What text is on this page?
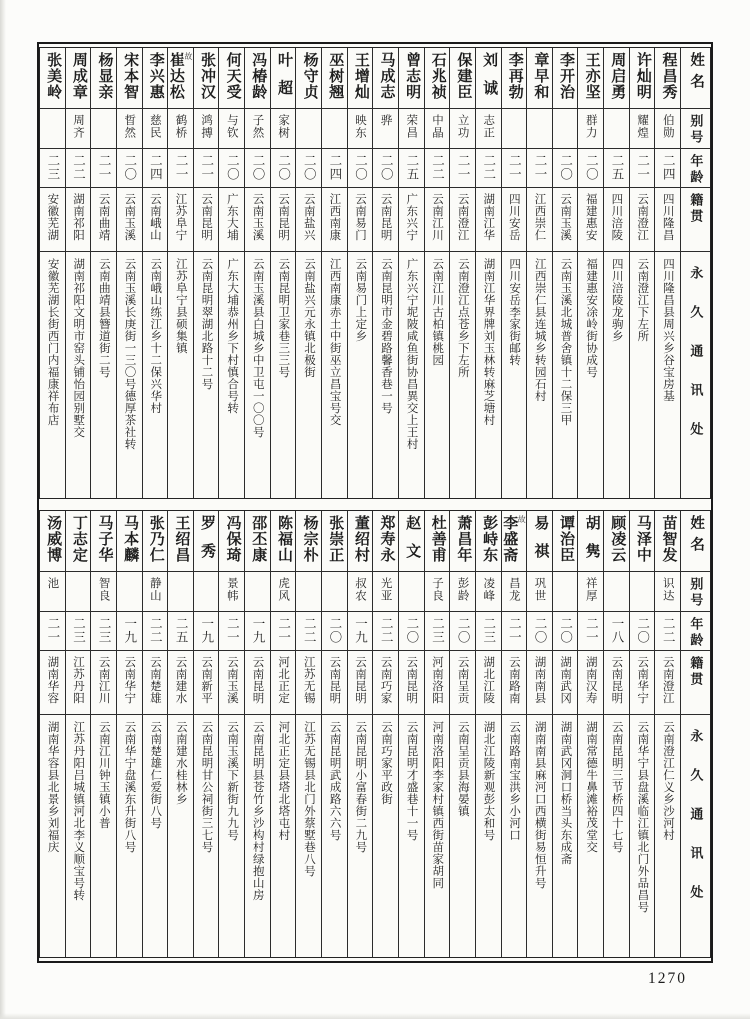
姓名
别号
年龄
籍贯
永久通讯处
程昌秀
伯勋
二四
四川隆昌
四川隆昌县周兴乡谷宝房基
许灿明
耀煌
二一
云南澄江
云南澄江下左所
周启勇
二五
四川涪陵
四川涪陵龙驹乡
王亦坚
群力
二〇
福建惠安
福建惠安凃岭街协成号
李开治
二〇
云南玉溪
云南玉溪北城普舍镇十二保三甲
章早和
二一
江西崇仁
江西崇仁县连城乡转园石村
李再勃
二一
四川安岳
四川安岳李家街邮转
刘诚
志正
二二
湖南江华
湖南江华界牌刘玉林转麻芝塘村
保建臣
立功
二一
云南澄江
云南澄江点苍乡下左所
石兆祯
中晶
二二
云南江川
云南江川古柏镇桃园
曾志明
荣昌
二五
广东兴宁
广东兴宁坭陂咸鱼街协昌異交上王村
马成志
骅
二〇
云南昆明
云南昆明市金碧路馨香巷一号
王增灿
映东
二〇
云南易门
云南易门上定乡
巫树翘
二四
江西南康
江西南康赤土中街巫立昌宝号交
杨守贞
二〇
云南盐兴
云南盐兴元永镇北极街
叶超
家树
二〇
云南昆明
云南昆明卫家巷三三号
冯椿龄
子然
二〇
云南玉溪
云南玉溪县白城乡中卫屯一〇〇号
何天受
与钦
二〇
广东大埔
广东大埔恭州乡下村慎合号转
张冲汉
鸿搏
二一
云南昆明
云南昆明翠湖北路十二号
崔达松 故
鹤桥
二一
江苏阜宁
江苏阜宁县硕集镇
李兴惠
慈民
二四
云南峨山
云南峨山练江乡十二保兴华村
宋本智
晢然
二〇
云南玉溪
云南玉溪长庚街一三〇号德厚茶社转
杨显亲
二一
云南曲靖
云南曲靖县簪道街二号
周成章
周齐
二二
湖南祁阳
湖南祁阳文明市窑头铺怡园别墅交
张美岭
二三
安徽芜湖
安徽芜湖长街西门内福康祥布店
姓名
别号
年龄
籍贯
永久通讯处
苗智发
识达
二二
云南澄江
云南澄江仁义乡沙河村
马泽中
二〇
云南华宁
云南华宁县盘溪临江镇北门外品昌号
顾凌云
一八
云南昆明
云南昆明三节桥四十七号
胡隽
祥厚
二一
湖南汉寿
湖南常德牛鼻滩裕茂堂交
谭治臣
二〇
湖南武冈
湖南武冈洞口桥当头东成斋
易祺
巩世
二〇
湖南南县
湖南南县麻河口西横街易恒升号
李盛斋 故
昌龙
二一
云南路南
云南路南宝洪乡小河口
彭峙东
凌峰
二三
湖北江陵
湖北江陵新观彭太和号
萧昌年
彭龄
二〇
云南呈贡
云南呈贡县海晏镇
杜善甫
子良
二三
河南洛阳
河南洛阳李家村镇西街苗家胡同
赵文
二〇
云南昆明
云南昆明才盛巷十一号
郑寿永
光亚
二二
云南巧家
云南巧家平政街
董绍村
叔农
一九
云南昆明
云南昆明小富春街二九号
张崇正
二〇
云南昆明
云南昆明武成路六六号
杨宗朴
二二
江苏无锡
江苏无锡县北门外蔡墅巷八号
陈福山
虎风
二一
河北正定
河北正定县塔北塔屯村
邵丕康
一九
云南昆明
云南昆明县苍竹乡沙构村绿抱山房
冯保琦
景帏
二一
云南玉溪
云南玉溪下新街九九号
罗秀
一九
云南新平
云南昆明甘公祠街三七号
王绍昌
二五
云南建水
云南建水桂林乡
张乃仁
静山
二二
云南楚雄
云南楚雄仁爱街八号
马本麟
一九
云南华宁
云南华宁盘溪东升街八号
马子华
智良
二三
云南江川
云南江川钟玉镇小普
丁志定
二三
江苏丹阳
江苏丹阳吕城镇河北李义顺宝号转
汤威博
池
二一
湖南华容
湖南华容县北景乡刘福庆
1270
